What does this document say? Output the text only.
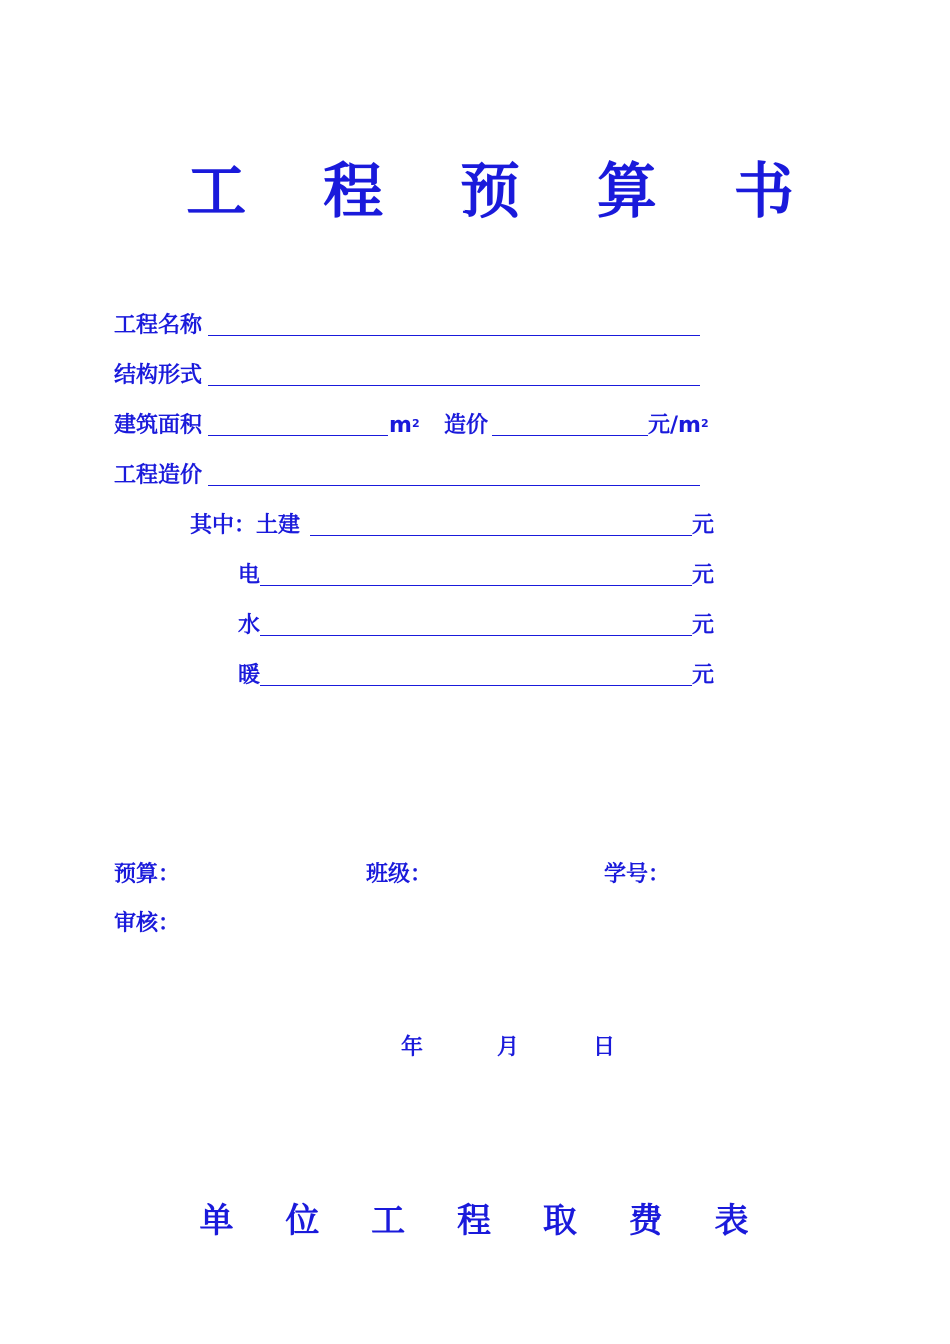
工 程 预 算 书
工程名称
结构形式
建筑面积	$m^2$ 造价	元$/m^2$
工程造价
其中：土建	元
电	元
水	元
暖	元
预算：	班级：	学号：
审核：
年	月	日
单 位 工 程 取 费 表
